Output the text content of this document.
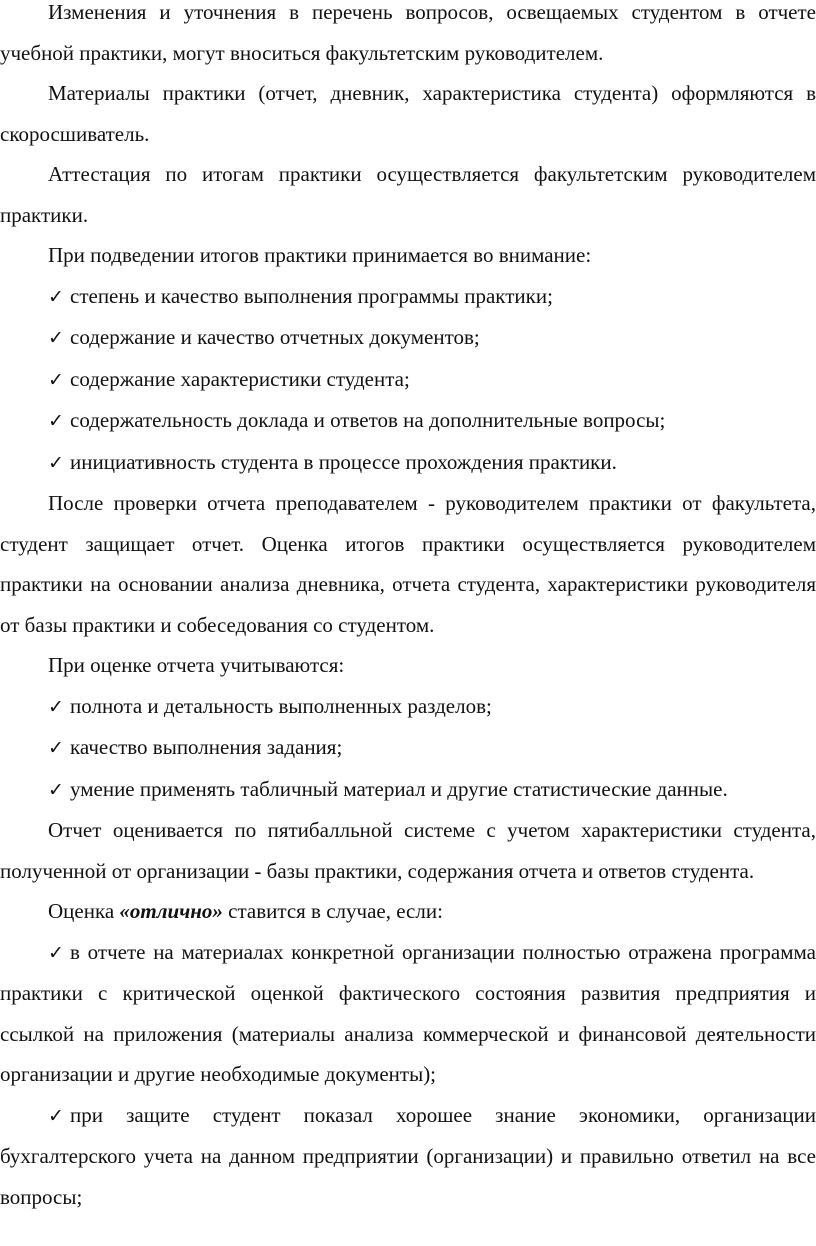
Изменения и уточнения в перечень вопросов, освещаемых студентом в отчете учебной практики, могут вноситься факультетским руководителем.

Материалы практики (отчет, дневник, характеристика студента) оформляются в скоросшиватель.

Аттестация по итогам практики осуществляется факультетским руководителем практики.

При подведении итогов практики принимается во внимание:

✓ степень и качество выполнения программы практики;
✓ содержание и качество отчетных документов;
✓ содержание характеристики студента;
✓ содержательность доклада и ответов на дополнительные вопросы;
✓ инициативность студента в процессе прохождения практики.

После проверки отчета преподавателем - руководителем практики от факультета, студент защищает отчет. Оценка итогов практики осуществляется руководителем практики на основании анализа дневника, отчета студента, характеристики руководителя от базы практики и собеседования со студентом.

При оценке отчета учитываются:

✓ полнота и детальность выполненных разделов;
✓ качество выполнения задания;
✓ умение применять табличный материал и другие статистические данные.

Отчет оценивается по пятибалльной системе с учетом характеристики студента, полученной от организации - базы практики, содержания отчета и ответов студента.

Оценка «отлично» ставится в случае, если:

✓ в отчете на материалах конкретной организации полностью отражена программа практики с критической оценкой фактического состояния развития предприятия и ссылкой на приложения (материалы анализа коммерческой и финансовой деятельности организации и другие необходимые документы);

✓ при защите студент показал хорошее знание экономики, организации бухгалтерского учета на данном предприятии (организации) и правильно ответил на все вопросы;
